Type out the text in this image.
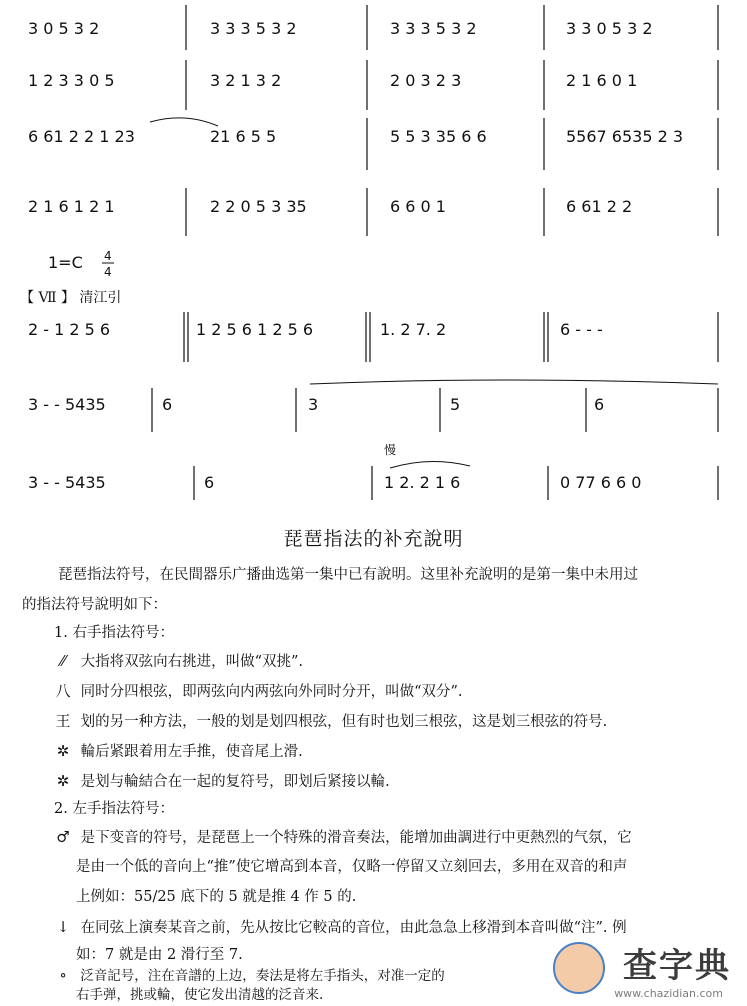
3 0 5 3 2	3 3 3 5 3 2	3 3 3 5 3 2	3 3 0 5 3 2
1 2 3 3 0 5	3 2 1 3 2	2 0 3 2 3	2 1 6 0 1
6 61 2 2 1 23	21 6 5 5	5 5 3 35 6 6	5567 6535 2 3
2 1 6 1 2 1	2 2 0 5 3 35	6 6 0 1	6 61 2 2
1=C 4
4
【 Ⅶ 】 清江引
2 - 1 2 5 6	1 2 5 6 1 2 5 6	1. 2 7. 2	6 - - -
3 - - 5435	6	3	5	6
慢
3 - - 5435	6	1 2. 2 1 6	0 77 6 6 0
琵琶指法的补充說明
琵琶指法符号，在民間器乐广播曲选第一集中已有說明。这里补充說明的是第一集中未用过
的指法符号說明如下：
1. 右手指法符号：
⁄⁄ 大指将双弦向右挑进，叫做“双挑”.
八 同时分四根弦，即两弦向内两弦向外同时分开，叫做“双分”.
王 划的另一种方法，一般的划是划四根弦，但有时也划三根弦，这是划三根弦的符号.
✲ 輪后紧跟着用左手推，使音尾上滑.
✲ 是划与輪結合在一起的复符号，即划后紧接以輪.
2. 左手指法符号：
♂ 是下变音的符号，是琵琶上一个特殊的滑音奏法，能增加曲調进行中更熱烈的气氛，它
是由一个低的音向上“推”使它增高到本音，仅略一停留又立刻回去，多用在双音的和声
上例如：55/25 底下的 5 就是推 4 作 5 的.
↓ 在同弦上演奏某音之前，先从按比它較高的音位，由此急急上移滑到本音叫做“注”. 例
如：7 就是由 2 滑行至 7.
∘ 泛音記号，注在音譜的上边，奏法是将左手指头，对准一定的
右手弹，挑或輪，使它发出清越的泛音来.
查字典
www.chazidian.com
